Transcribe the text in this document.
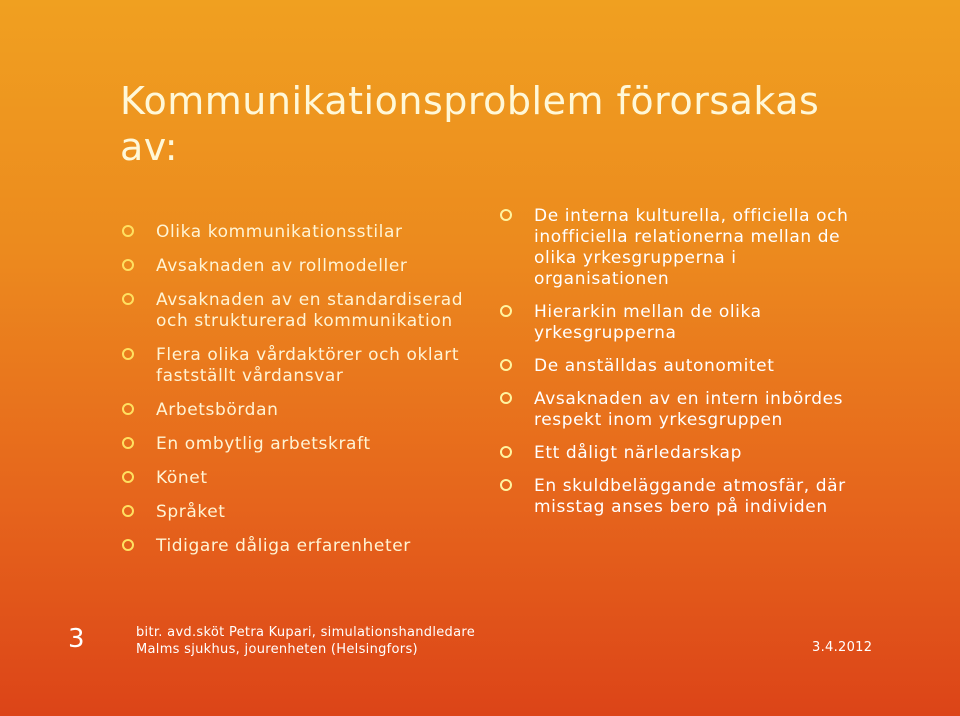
Kommunikationsproblem förorsakas av:
Olika kommunikationsstilar
Avsaknaden av rollmodeller
Avsaknaden av en standardiserad och strukturerad kommunikation
Flera olika vårdaktörer och oklart fastställt vårdansvar
Arbetsbördan
En ombytlig arbetskraft
Könet
Språket
Tidigare dåliga erfarenheter
De interna kulturella, officiella och inofficiella relationerna mellan de olika yrkesgrupperna i organisationen
Hierarkin mellan de olika yrkesgrupperna
De anställdas autonomitet
Avsaknaden av en intern inbördes respekt inom yrkesgruppen
Ett dåligt närledarskap
En skuldbeläggande atmosfär, där misstag anses bero på individen
3	bitr. avd.sköt Petra Kupari, simulationshandledare
Malms sjukhus, jourenheten (Helsingfors)	3.4.2012
